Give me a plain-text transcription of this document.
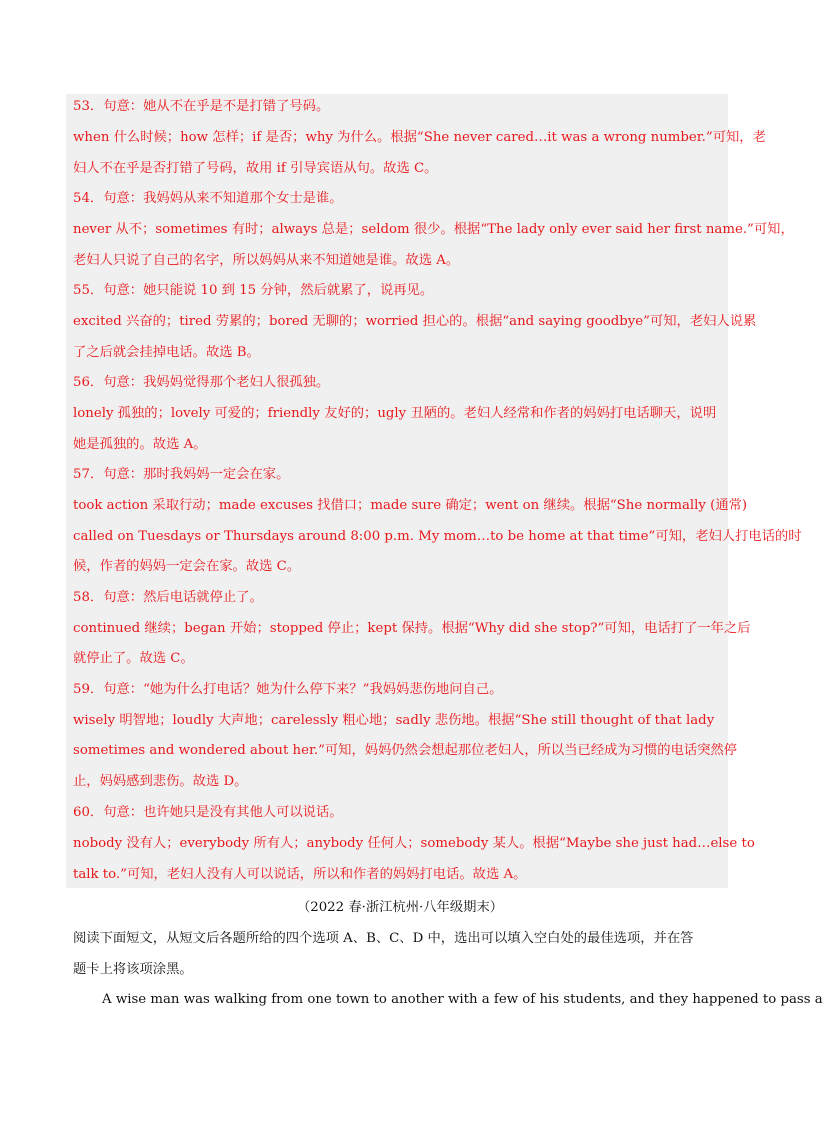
53．句意：她从不在乎是不是打错了号码。
when 什么时候；how 怎样；if 是否；why 为什么。根据“She never cared…it was a wrong number.”可知，老
妇人不在乎是否打错了号码，故用 if 引导宾语从句。故选 C。
54．句意：我妈妈从来不知道那个女士是谁。
never 从不；sometimes 有时；always 总是；seldom 很少。根据“The lady only ever said her first name.”可知，
老妇人只说了自己的名字，所以妈妈从来不知道她是谁。故选 A。
55．句意：她只能说 10 到 15 分钟，然后就累了，说再见。
excited 兴奋的；tired 劳累的；bored 无聊的；worried 担心的。根据“and saying goodbye”可知，老妇人说累
了之后就会挂掉电话。故选 B。
56．句意：我妈妈觉得那个老妇人很孤独。
lonely 孤独的；lovely 可爱的；friendly 友好的；ugly 丑陋的。老妇人经常和作者的妈妈打电话聊天，说明
她是孤独的。故选 A。
57．句意：那时我妈妈一定会在家。
took action 采取行动；made excuses 找借口；made sure 确定；went on 继续。根据“She normally (通常)
called on Tuesdays or Thursdays around 8:00 p.m. My mom…to be home at that time”可知，老妇人打电话的时
候，作者的妈妈一定会在家。故选 C。
58．句意：然后电话就停止了。
continued 继续；began 开始；stopped 停止；kept 保持。根据“Why did she stop?”可知，电话打了一年之后
就停止了。故选 C。
59．句意：“她为什么打电话？她为什么停下来？”我妈妈悲伤地问自己。
wisely 明智地；loudly 大声地；carelessly 粗心地；sadly 悲伤地。根据“She still thought of that lady
sometimes and wondered about her.”可知，妈妈仍然会想起那位老妇人，所以当已经成为习惯的电话突然停
止，妈妈感到悲伤。故选 D。
60．句意：也许她只是没有其他人可以说话。
nobody 没有人；everybody 所有人；anybody 任何人；somebody 某人。根据“Maybe she just had…else to
talk to.”可知，老妇人没有人可以说话，所以和作者的妈妈打电话。故选 A。
（2022 春·浙江杭州·八年级期末）
阅读下面短文，从短文后各题所给的四个选项 A、B、C、D 中，选出可以填入空白处的最佳选项，并在答
题卡上将该项涂黑。
A wise man was walking from one town to another with a few of his students, and they happened to pass a
